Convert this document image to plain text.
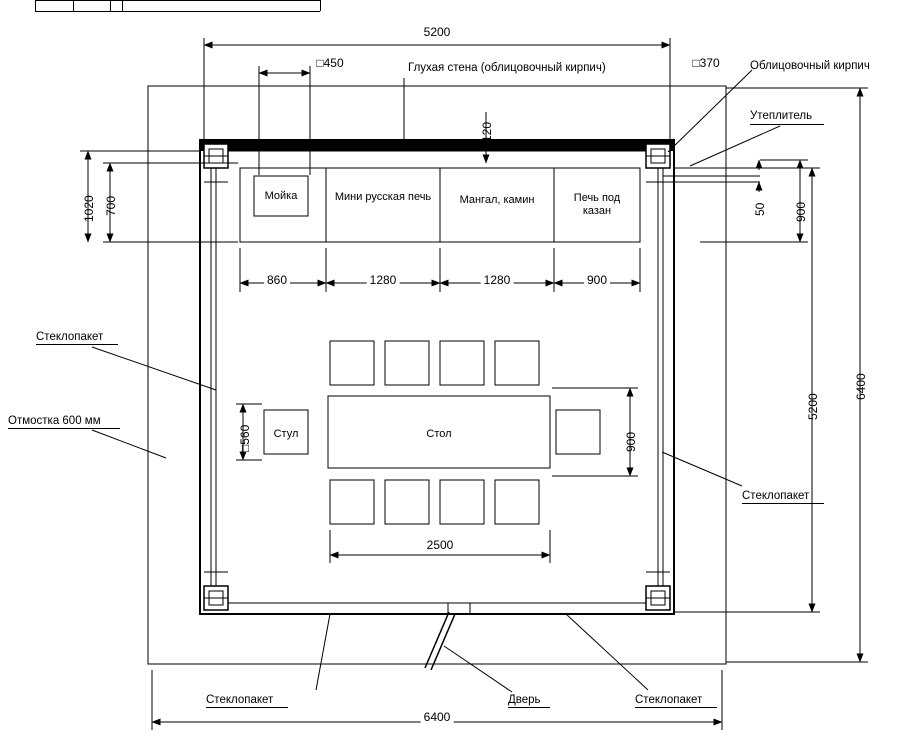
5200
□450	□370
120
860	1280	1280	900
1020 700	900
50
5200
6400
6400
□560
2500
900
Мойка	Мини русская печь	Мангал, камин	Печь под
казан
Стол
Стул
Глухая стена (облицовочный кирпич)	Облицовочный кирпич
Утеплитель
Стеклопакет
Отмостка 600 мм
Стеклопакет
Стеклопакет	Дверь	Стеклопакет
